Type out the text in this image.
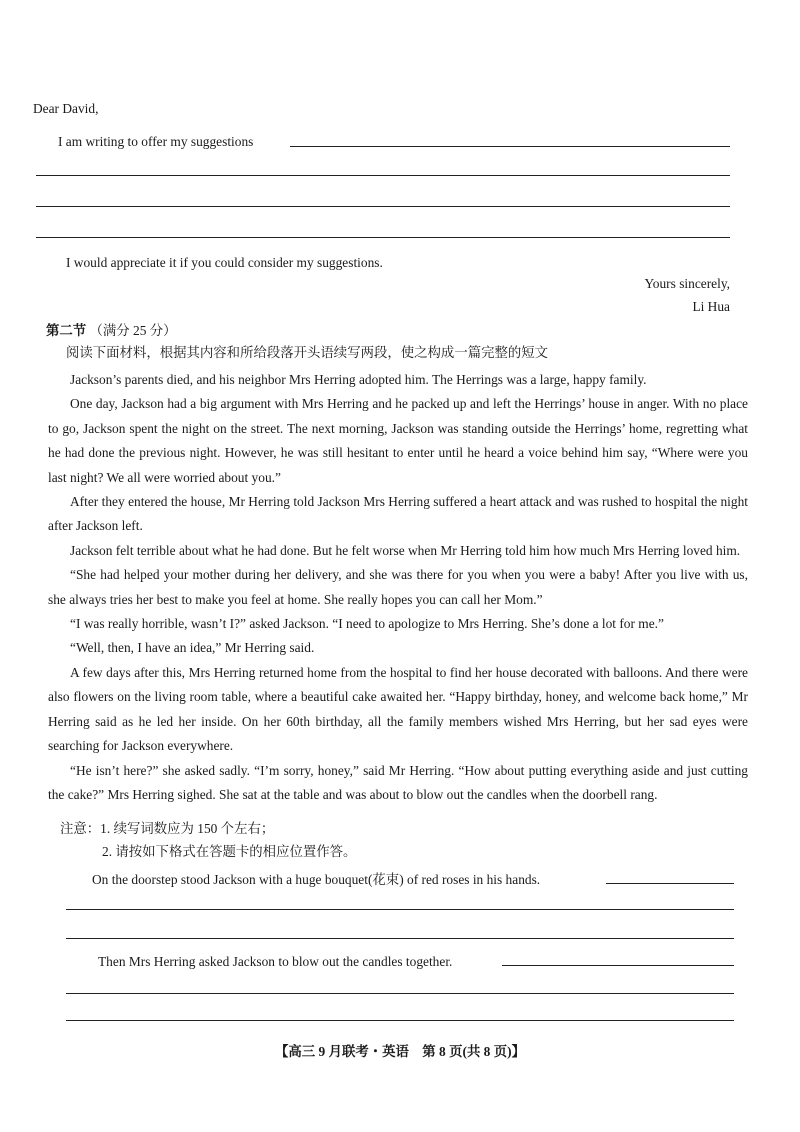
Dear David,
I am writing to offer my suggestions
I would appreciate it if you could consider my suggestions.
Yours sincerely,
Li Hua
第二节 （满分 25 分）
阅读下面材料，根据其内容和所给段落开头语续写两段，使之构成一篇完整的短文

Jackson’s parents died, and his neighbor Mrs Herring adopted him. The Herrings was a large, happy family.

One day, Jackson had a big argument with Mrs Herring and he packed up and left the Herrings’ house in anger. With no place to go, Jackson spent the night on the street. The next morning, Jackson was standing outside the Herrings’ home, regretting what he had done the previous night. However, he was still hesitant to enter until he heard a voice behind him say, “Where were you last night? We all were worried about you.”

After they entered the house, Mr Herring told Jackson Mrs Herring suffered a heart attack and was rushed to hospital the night after Jackson left.

Jackson felt terrible about what he had done. But he felt worse when Mr Herring told him how much Mrs Herring loved him.

“She had helped your mother during her delivery, and she was there for you when you were a baby! After you live with us, she always tries her best to make you feel at home. She really hopes you can call her Mom.”

“I was really horrible, wasn’t I?” asked Jackson. “I need to apologize to Mrs Herring. She’s done a lot for me.”

“Well, then, I have an idea,” Mr Herring said.

A few days after this, Mrs Herring returned home from the hospital to find her house decorated with balloons. And there were also flowers on the living room table, where a beautiful cake awaited her. “Happy birthday, honey, and welcome back home,” Mr Herring said as he led her inside. On her 60th birthday, all the family members wished Mrs Herring, but her sad eyes were searching for Jackson everywhere.

“He isn’t here?” she asked sadly. “I’m sorry, honey,” said Mr Herring. “How about putting everything aside and just cutting the cake?” Mrs Herring sighed. She sat at the table and was about to blow out the candles when the doorbell rang.

注意：1. 续写词数应为 150 个左右；
2. 请按如下格式在答题卡的相应位置作答。
On the doorstep stood Jackson with a huge bouquet(花束) of red roses in his hands.
Then Mrs Herring asked Jackson to blow out the candles together.
【高三 9 月联考・英语　第 8 页(共 8 页)】
